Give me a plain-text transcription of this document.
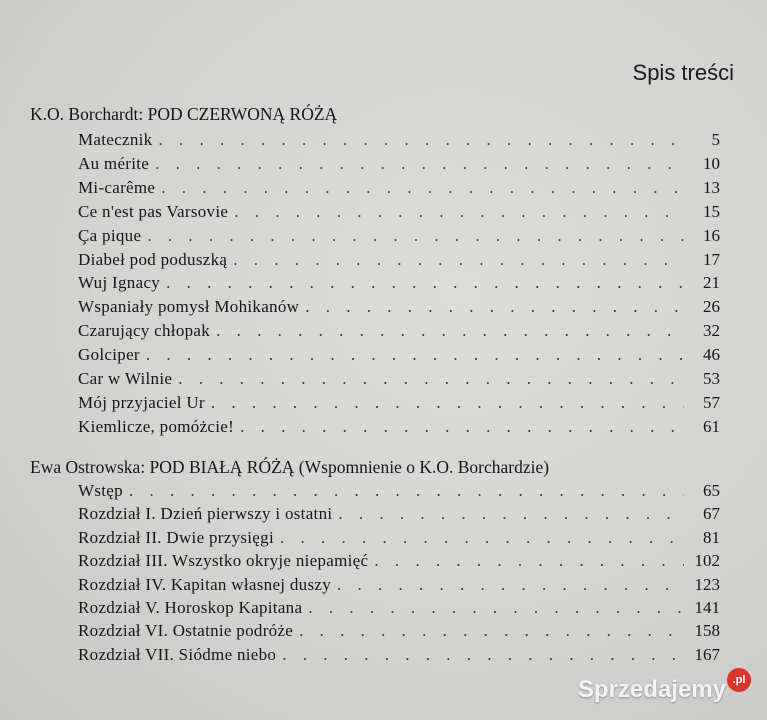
Spis treści
K.O. Borchardt: POD CZERWONĄ RÓŻĄ
Matecznik . . .	5
Au mérite . . .	10
Mi-carême . . .	13
Ce n'est pas Varsovie . . .	15
Ça pique . . .	16
Diabeł pod poduszką . . .	17
Wuj Ignacy . . .	21
Wspaniały pomysł Mohikanów . . .	26
Czarujący chłopak . . .	32
Golciper . . .	46
Car w Wilnie . . .	53
Mój przyjaciel Ur . . .	57
Kiemlicze, pomóżcie! . . .	61
Ewa Ostrowska: POD BIAŁĄ RÓŻĄ (Wspomnienie o K.O. Borchardzie)
Wstęp . . .	65
Rozdział I. Dzień pierwszy i ostatni . . .	67
Rozdział II. Dwie przysięgi . . .	81
Rozdział III. Wszystko okryje niepamięć . . .	102
Rozdział IV. Kapitan własnej duszy . . .	123
Rozdział V. Horoskop Kapitana . . .	141
Rozdział VI. Ostatnie podróże . . .	158
Rozdział VII. Siódme niebo . . .	167
Sprzedajemy .pl
